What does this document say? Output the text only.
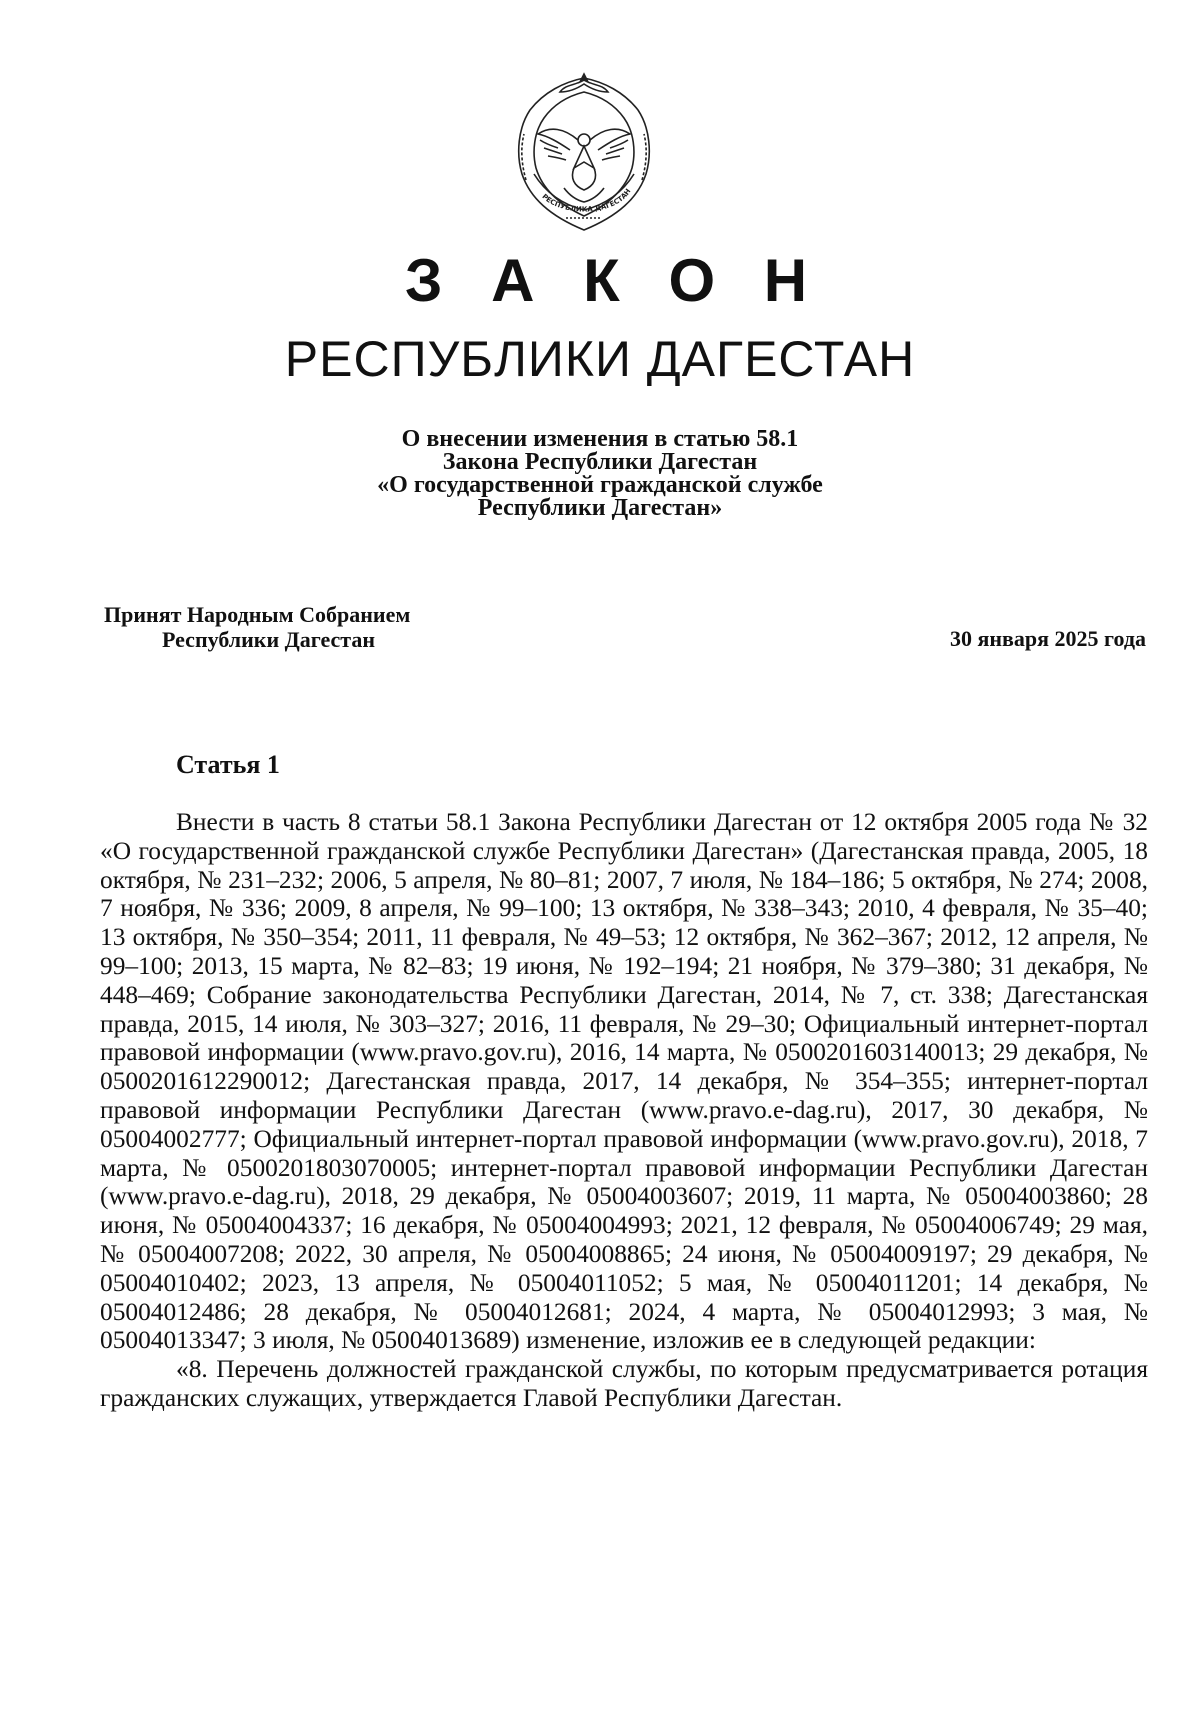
РЕСПУБЛИКА ДАГЕСТАН
З А К О Н
РЕСПУБЛИКИ ДАГЕСТАН
О внесении изменения в статью 58.1
Закона Республики Дагестан
«О государственной гражданской службе
Республики Дагестан»
Принят Народным Собранием
Республики Дагестан	30 января 2025 года
Статья 1

Внести в часть 8 статьи 58.1 Закона Республики Дагестан от 12 октября 2005 года № 32 «О государственной гражданской службе Республики Дагестан» (Дагестанская правда, 2005, 18 октября, № 231–232; 2006, 5 апреля, № 80–81; 2007, 7 июля, № 184–186; 5 октября, № 274; 2008, 7 ноября, № 336; 2009, 8 апреля, № 99–100; 13 октября, № 338–343; 2010, 4 февраля, № 35–40; 13 октября, № 350–354; 2011, 11 февраля, № 49–53; 12 октября, № 362–367; 2012, 12 апреля, № 99–100; 2013, 15 марта, № 82–83; 19 июня, № 192–194; 21 ноября, № 379–380; 31 декабря, № 448–469; Собрание законодательства Республики Дагестан, 2014, № 7, ст. 338; Дагестанская правда, 2015, 14 июля, № 303–327; 2016, 11 февраля, № 29–30; Официальный интернет-портал правовой информации (www.pravo.gov.ru), 2016, 14 марта, № 0500201603140013; 29 декабря, № 0500201612290012; Дагестанская правда, 2017, 14 декабря, № 354–355; интернет-портал правовой информации Республики Дагестан (www.pravo.e-dag.ru), 2017, 30 декабря, № 05004002777; Официальный интернет-портал правовой информации (www.pravo.gov.ru), 2018, 7 марта, № 0500201803070005; интернет-портал правовой информации Республики Дагестан (www.pravo.e-dag.ru), 2018, 29 декабря, № 05004003607; 2019, 11 марта, № 05004003860; 28 июня, № 05004004337; 16 декабря, № 05004004993; 2021, 12 февраля, № 05004006749; 29 мая, № 05004007208; 2022, 30 апреля, № 05004008865; 24 июня, № 05004009197; 29 декабря, № 05004010402; 2023, 13 апреля, № 05004011052; 5 мая, № 05004011201; 14 декабря, № 05004012486; 28 декабря, № 05004012681; 2024, 4 марта, № 05004012993; 3 мая, № 05004013347; 3 июля, № 05004013689) изменение, изложив ее в следующей редакции:

«8. Перечень должностей гражданской службы, по которым предусматривается ротация гражданских служащих, утверждается Главой Республики Дагестан.
